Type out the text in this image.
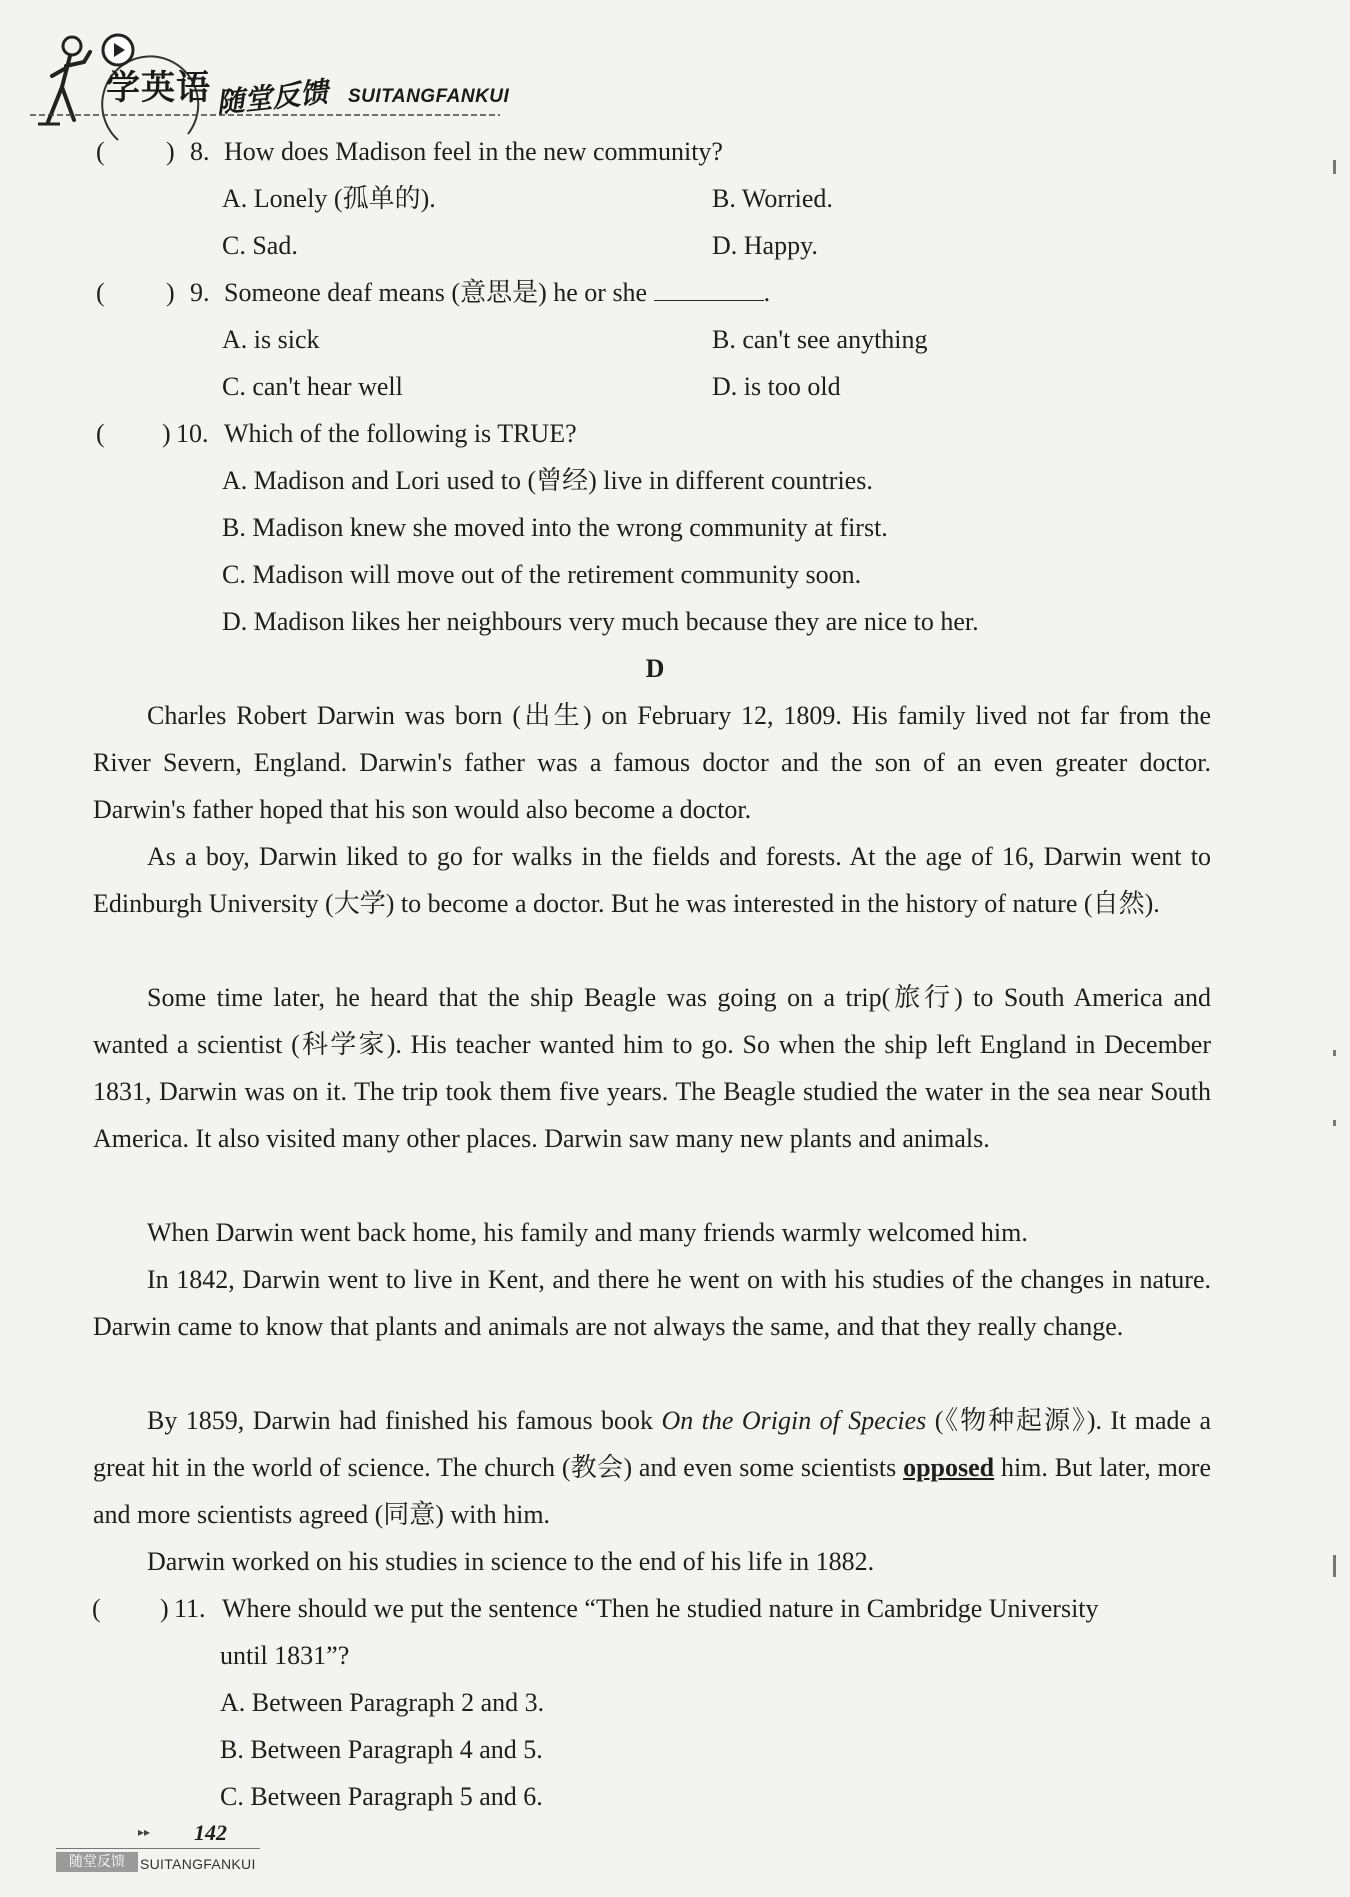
学英语 随堂反馈 SUITANGFANKUI
( ) 8. How does Madison feel in the new community?
A. Lonely (孤单的).	B. Worried.
C. Sad.	D. Happy.
( ) 9. Someone deaf means (意思是) he or she	.
A. is sick	B. can't see anything
C. can't hear well	D. is too old
( ) 10. Which of the following is TRUE?
A. Madison and Lori used to (曾经) live in different countries.
B. Madison knew she moved into the wrong community at first.
C. Madison will move out of the retirement community soon.
D. Madison likes her neighbours very much because they are nice to her.
D
Charles Robert Darwin was born (出生) on February 12, 1809. His family lived not far from the River Severn, England. Darwin's father was a famous doctor and the son of an even greater doctor. Darwin's father hoped that his son would also become a doctor.
As a boy, Darwin liked to go for walks in the fields and forests. At the age of 16, Darwin went to Edinburgh University (大学) to become a doctor. But he was interested in the history of nature (自然).
Some time later, he heard that the ship Beagle was going on a trip(旅行) to South America and wanted a scientist (科学家). His teacher wanted him to go. So when the ship left England in December 1831, Darwin was on it. The trip took them five years. The Beagle studied the water in the sea near South America. It also visited many other places. Darwin saw many new plants and animals.
When Darwin went back home, his family and many friends warmly welcomed him.
In 1842, Darwin went to live in Kent, and there he went on with his studies of the changes in nature. Darwin came to know that plants and animals are not always the same, and that they really change.
By 1859, Darwin had finished his famous book On the Origin of Species (《物种起源》). It made a great hit in the world of science. The church (教会) and even some scientists opposed him. But later, more and more scientists agreed (同意) with him.
Darwin worked on his studies in science to the end of his life in 1882.
( ) 11. Where should we put the sentence “Then he studied nature in Cambridge University
until 1831”?
A. Between Paragraph 2 and 3.
B. Between Paragraph 4 and 5.
C. Between Paragraph 5 and 6.
▸▸ 142
随堂反馈	SUITANGFANKUI
